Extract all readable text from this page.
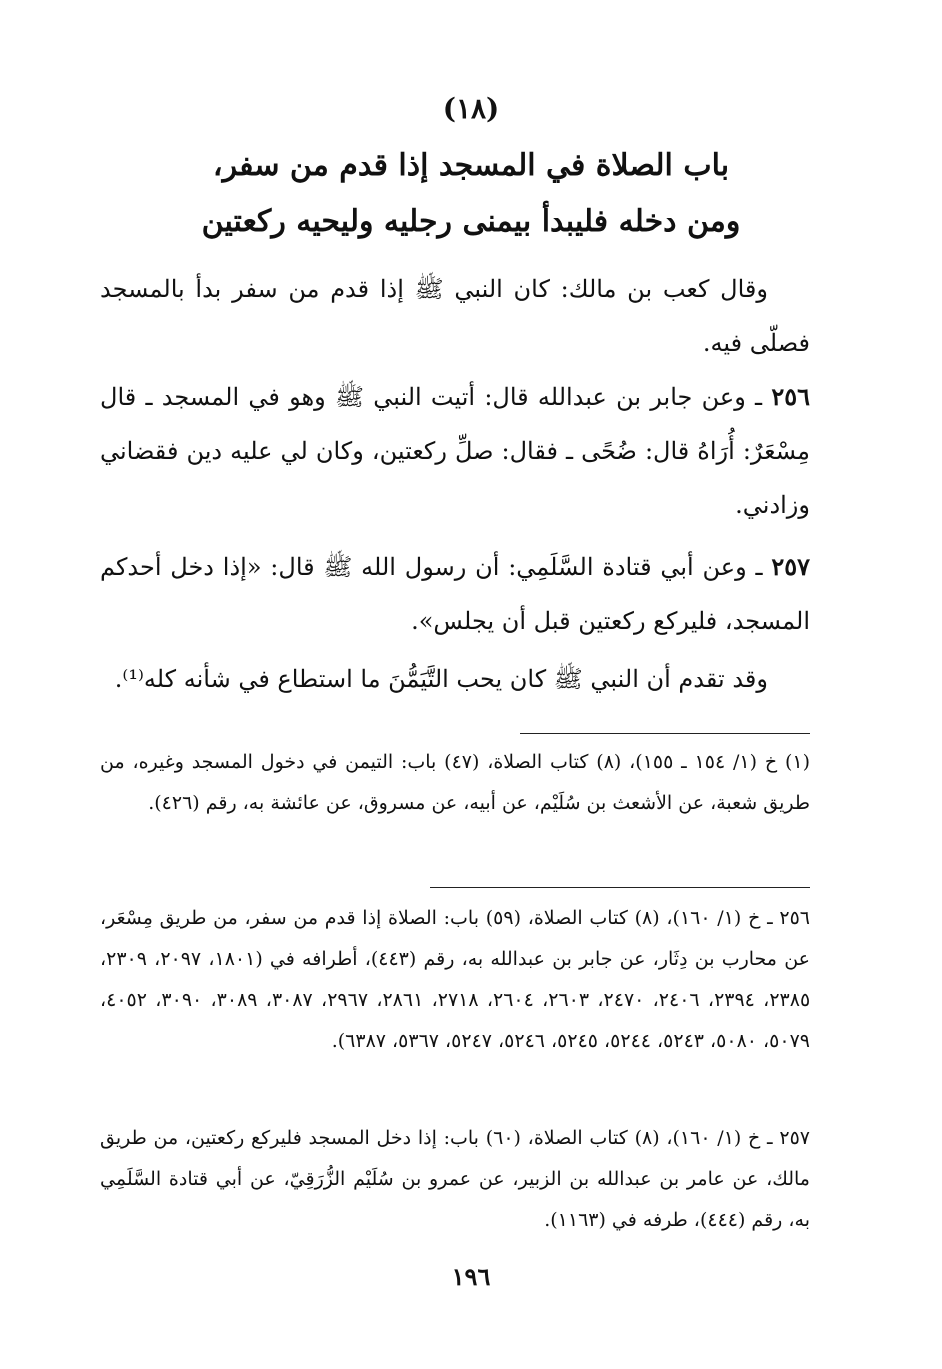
(١٨)
باب الصلاة في المسجد إذا قدم من سفر،
ومن دخله فليبدأ بيمنى رجليه وليحيه ركعتين
وقال كعب بن مالك: كان النبي ﷺ إذا قدم من سفر بدأ بالمسجد فصلّى فيه.
٢٥٦ ـ وعن جابر بن عبدالله قال: أتيت النبي ﷺ وهو في المسجد ـ قال مِسْعَرٌ: أُرَاهُ قال: ضُحًى ـ فقال: صلِّ ركعتين، وكان لي عليه دين فقضاني وزادني.
٢٥٧ ـ وعن أبي قتادة السَّلَمِي: أن رسول الله ﷺ قال: «إذا دخل أحدكم المسجد، فليركع ركعتين قبل أن يجلس».
وقد تقدم أن النبي ﷺ كان يحب التَّيَمُّنَ ما استطاع في شأنه كله⁽¹⁾.
(١) خ (١/ ١٥٤ ـ ١٥٥)، (٨) كتاب الصلاة، (٤٧) باب: التيمن في دخول المسجد وغيره، من طريق شعبة، عن الأشعث بن سُلَيْم، عن أبيه، عن مسروق، عن عائشة به، رقم (٤٢٦).
٢٥٦ ـ خ (١/ ١٦٠)، (٨) كتاب الصلاة، (٥٩) باب: الصلاة إذا قدم من سفر، من طريق مِسْعَر، عن محارب بن دِثَار، عن جابر بن عبدالله به، رقم (٤٤٣)، أطرافه في (١٨٠١، ٢٠٩٧، ٢٣٠٩، ٢٣٨٥، ٢٣٩٤، ٢٤٠٦، ٢٤٧٠، ٢٦٠٣، ٢٦٠٤، ٢٧١٨، ٢٨٦١، ٢٩٦٧، ٣٠٨٧، ٣٠٨٩، ٣٠٩٠، ٤٠٥٢، ٥٠٧٩، ٥٠٨٠، ٥٢٤٣، ٥٢٤٤، ٥٢٤٥، ٥٢٤٦، ٥٢٤٧، ٥٣٦٧، ٦٣٨٧).
٢٥٧ ـ خ (١/ ١٦٠)، (٨) كتاب الصلاة، (٦٠) باب: إذا دخل المسجد فليركع ركعتين، من طريق مالك، عن عامر بن عبدالله بن الزبير، عن عمرو بن سُلَيْم الزُّرَقِيّ، عن أبي قتادة السَّلَمِي به، رقم (٤٤٤)، طرفه في (١١٦٣).
١٩٦
